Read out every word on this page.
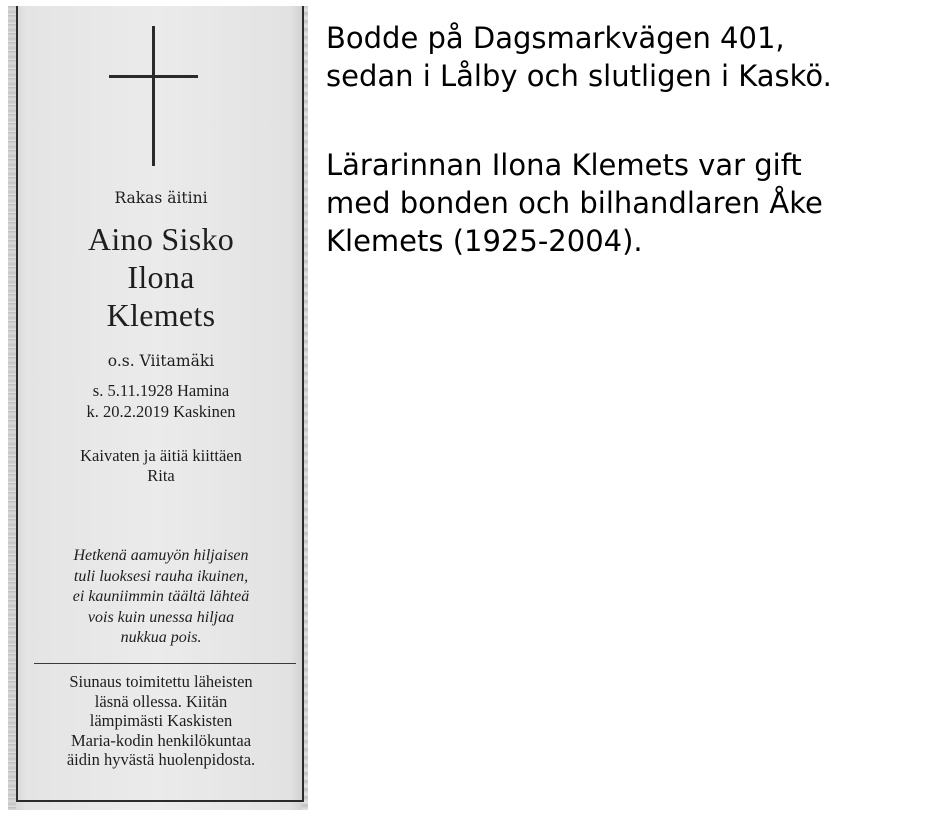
Rakas äitini
Aino Sisko
Ilona
Klemets
o.s. Viitamäki
s. 5.11.1928 Hamina
k. 20.2.2019 Kaskinen
Kaivaten ja äitiä kiittäen
Rita
Hetkenä aamuyön hiljaisen
tuli luoksesi rauha ikuinen,
ei kauniimmin täältä lähteä
vois kuin unessa hiljaa
nukkua pois.
Siunaus toimitettu läheisten
läsnä ollessa. Kiitän
lämpimästi Kaskisten
Maria-kodin henkilökuntaa
äidin hyvästä huolenpidosta.
Bodde på Dagsmarkvägen 401,
sedan i Lålby och slutligen i Kaskö.
Lärarinnan Ilona Klemets var gift
med bonden och bilhandlaren Åke
Klemets (1925-2004).
